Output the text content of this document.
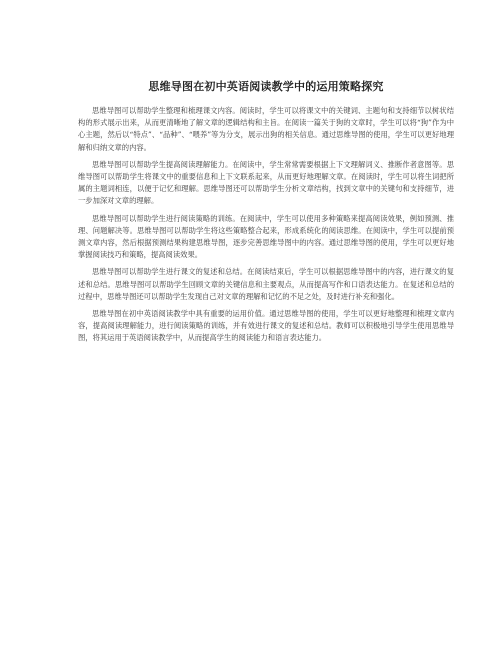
思维导图在初中英语阅读教学中的运用策略探究

思维导图可以帮助学生整理和梳理课文内容。阅读时，学生可以将课文中的关键词、主题句和支持细节以树状结构的形式展示出来，从而更清晰地了解文章的逻辑结构和主旨。在阅读一篇关于狗的文章时，学生可以将“狗”作为中心主题，然后以“特点”、“品种”、“喂养”等为分支，展示出狗的相关信息。通过思维导图的使用，学生可以更好地理解和归纳文章的内容。

思维导图可以帮助学生提高阅读理解能力。在阅读中，学生常常需要根据上下文理解词义、推断作者意图等。思维导图可以帮助学生将课文中的重要信息和上下文联系起来，从而更好地理解文章。在阅读时，学生可以将生词把所属的主题词相连，以便于记忆和理解。思维导图还可以帮助学生分析文章结构，找到文章中的关键句和支持细节，进一步加深对文章的理解。

思维导图可以帮助学生进行阅读策略的训练。在阅读中，学生可以使用多种策略来提高阅读效果，例如预测、推理、问题解决等。思维导图可以帮助学生将这些策略整合起来，形成系统化的阅读思维。在阅读中，学生可以提前预测文章内容，然后根据预测结果构建思维导图，逐步完善思维导图中的内容。通过思维导图的使用，学生可以更好地掌握阅读技巧和策略，提高阅读效果。

思维导图可以帮助学生进行课文的复述和总结。在阅读结束后，学生可以根据思维导图中的内容，进行课文的复述和总结。思维导图可以帮助学生回顾文章的关键信息和主要观点，从而提高写作和口语表达能力。在复述和总结的过程中，思维导图还可以帮助学生发现自己对文章的理解和记忆的不足之处，及时进行补充和强化。

思维导图在初中英语阅读教学中具有重要的运用价值。通过思维导图的使用，学生可以更好地整理和梳理文章内容，提高阅读理解能力，进行阅读策略的训练，并有效进行课文的复述和总结。教师可以积极地引导学生使用思维导图，将其运用于英语阅读教学中，从而提高学生的阅读能力和语言表达能力。
